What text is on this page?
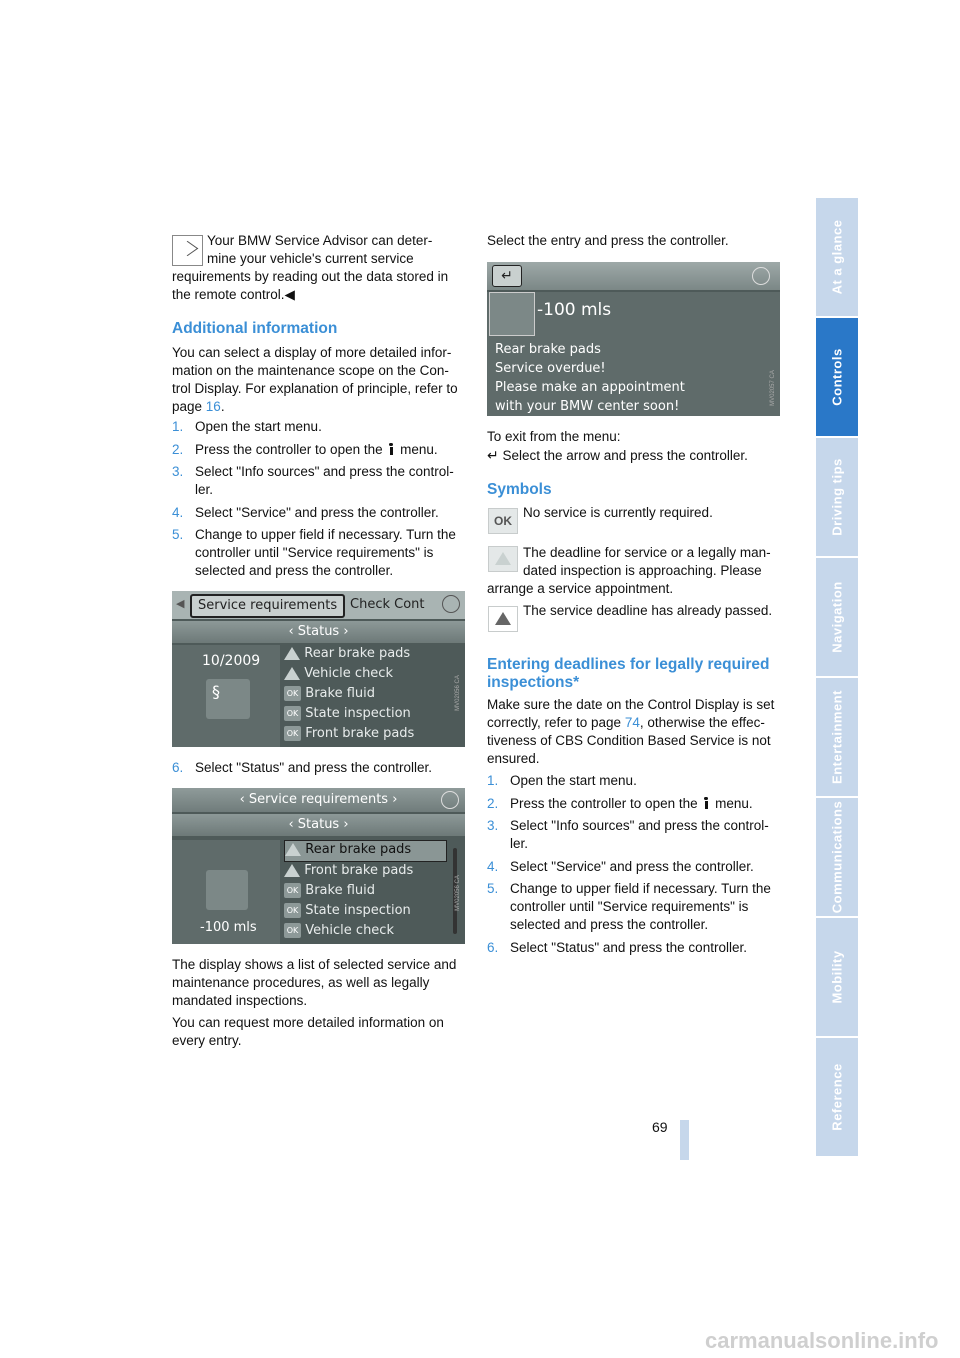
At a glance
Controls
Driving tips
Navigation
Entertainment
Communications
Mobility
Reference

Your BMW Service Advisor can deter-

mine your vehicle's current service

requirements by reading out the data stored in

the remote control.◀

Additional information

You can select a display of more detailed infor-

mation on the maintenance scope on the Con-

trol Display. For explanation of principle, refer to

page 16.

1. Open the start menu.
2. Press the controller to open the  menu.
3. Select "Info sources" and press the control-
ler.
4. Select "Service" and press the controller.
5. Change to upper field if necessary. Turn the
controller until "Service requirements" is
selected and press the controller.
◀	Service requirements Check Cont
‹ Status ›
10/2009
§
Rear brake pads
Vehicle check
OK Brake fluid
OK State inspection
OK Front brake pads
MV02056 CA
6. Select "Status" and press the controller.
‹ Service requirements ›
‹ Status ›
-100 mls
Rear brake pads
Front brake pads
OK Brake fluid
OK State inspection
OK Vehicle check
MV02056 CA

The display shows a list of selected service and

maintenance procedures, as well as legally

mandated inspections.

You can request more detailed information on

every entry.

Select the entry and press the controller.

↵
-100 mls
Rear brake pads
Service overdue!
Please make an appointment
with your BMW center soon!
MV02057 CA

To exit from the menu:

↵ Select the arrow and press the controller.

Symbols
OK

No service is currently required.

The deadline for service or a legally man-

dated inspection is approaching. Please

arrange a service appointment.

The service deadline has already passed.

Entering deadlines for legally required
inspections*

Make sure the date on the Control Display is set

correctly, refer to page 74, otherwise the effec-

tiveness of CBS Condition Based Service is not

ensured.

1. Open the start menu.
2. Press the controller to open the  menu.
3. Select "Info sources" and press the control-
ler.
4. Select "Service" and press the controller.
5. Change to upper field if necessary. Turn the
controller until "Service requirements" is
selected and press the controller.
6. Select "Status" and press the controller.
69
carmanualsonline.info
